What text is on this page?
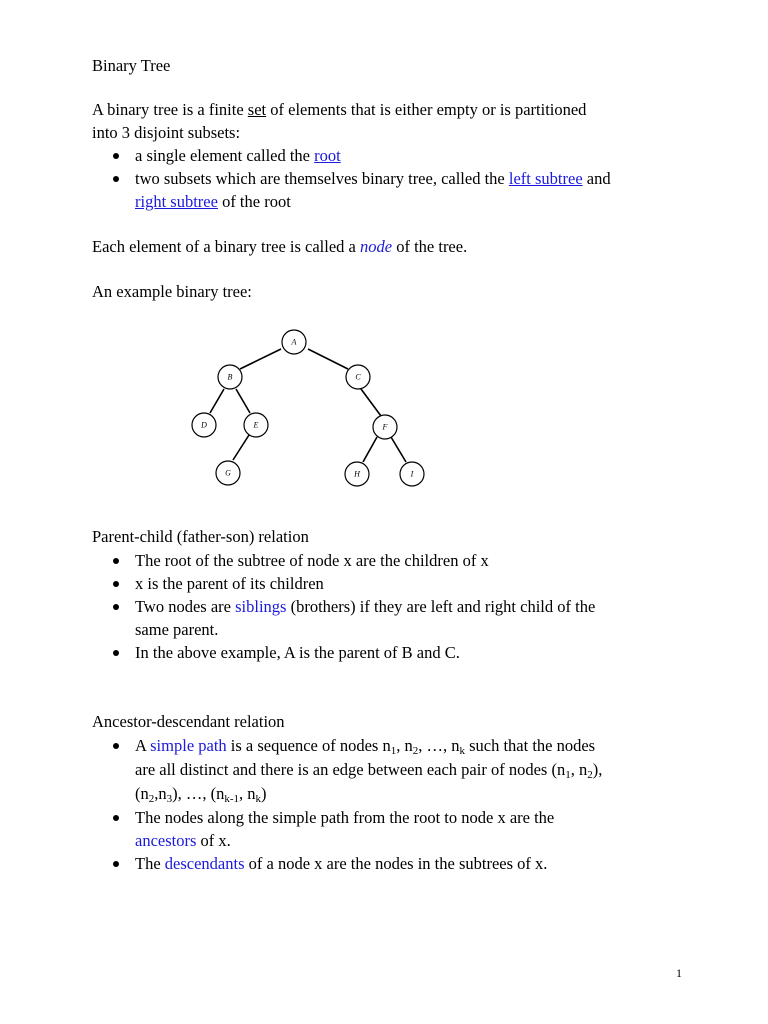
Binary Tree
A binary tree is a finite set of elements that is either empty or is partitioned
into 3 disjoint subsets:
a single element called the root
two subsets which are themselves binary tree, called the left subtree and
right subtree of the root
Each element of a binary tree is called a node of the tree.
An example binary tree:
A
B	C
D	E	F
G	H	I
Parent-child (father-son) relation
The root of the subtree of node x are the children of x
x is the parent of its children
Two nodes are siblings (brothers) if they are left and right child of the
same parent.
In the above example, A is the parent of B and C.
Ancestor-descendant relation
A simple path is a sequence of nodes $n_1$, $n_2$, …, $n_k$ such that the nodes
are all distinct and there is an edge between each pair of nodes ($n_1$, $n_2$),
$(n_2,n_3)$, …, ($n_{k-1}$, $n_k$)
The nodes along the simple path from the root to node x are the
ancestors of x.
The descendants of a node x are the nodes in the subtrees of x.
1
